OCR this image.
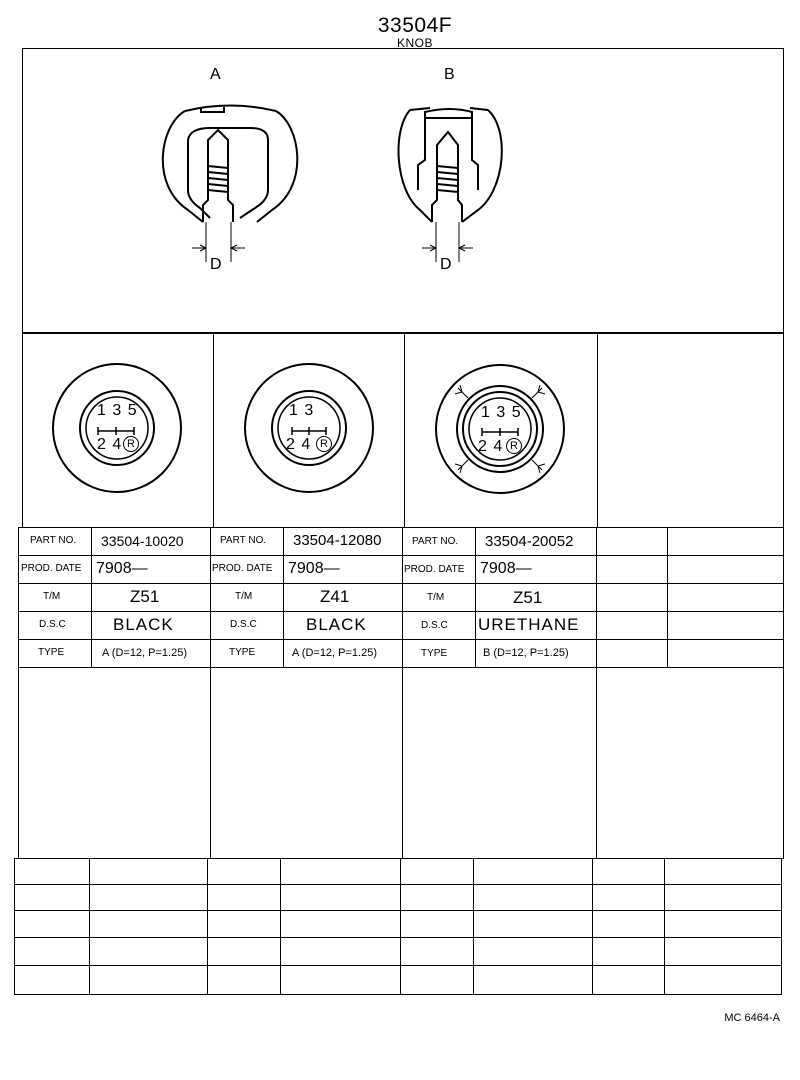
33504F
KNOB
A	B
D	D
1 3 5
2 4 R
1 3
2 4 R
1 3 5
2 4 R
PART NO. 33504-10020
PROD. DATE 7908—
T/M	Z51
D.S.C	BLACK
TYPE	A (D=12, P=1.25)
PART NO. 33504-12080
PROD. DATE 7908—
T/M	Z41
D.S.C	BLACK
TYPE	A (D=12, P=1.25)
PART NO. 33504-20052
PROD. DATE 7908—
T/M	Z51
D.S.C URETHANE
TYPE	B (D=12, P=1.25)
MC 6464-A
